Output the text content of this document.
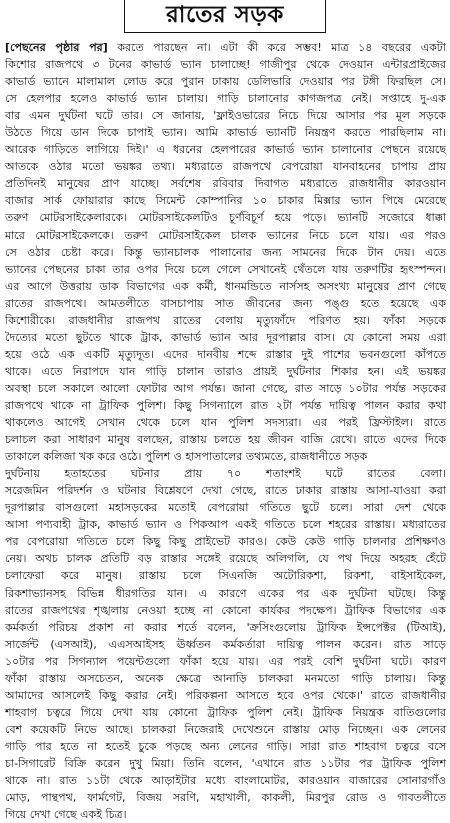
রাতের সড়ক
[পেছনের পৃষ্ঠার পর] করতে পারছেন না। এটা কী করে সম্ভব! মাত্র ১৪ বছরের একটা
কিশোর রাজপথে ৩ টনের কাভার্ড ভ্যান চালাচ্ছে! গাজীপুর থেকে দেওয়ান এন্টারপ্রাইজের
কাভার্ড ভ্যানে মালামাল লোড করে পুরান ঢাকায় ডেলিভারি দেওয়ার পর টঙ্গী ফিরছিল সে।
সে হেলপার হলেও কাভার্ড ভ্যান চালায়। গাড়ি চালানোর কাগজপত্র নেই। সপ্তাহে দু-এক
বার এমন দুর্ঘটনা ঘটে তার। সে জানায়, 'ফ্লাইওভারের নিচে দিয়ে আসার পর মূল সড়কে
উঠতে গিয়ে ডান দিকে চাপাই ভ্যান। আমি কাভার্ড ভ্যানটি নিয়ন্ত্রণ করতে পারছিলাম না।
আরেক গাড়িতে লাগিয়ে দিই।' এ ধরনের হেলপারের কাভার্ড ভ্যান চালানোর পেছনে রয়েছে
আতকে ওঠার মতো ভয়ঙ্কর তথ্য। মধ্যরাতে রাজপথে বেপরোয়া যানবাহনের চাপায় প্রায়
প্রতিদিনই মানুষের প্রাণ যাচ্ছে। সর্বশেষ রবিবার দিবাগত মধ্যরাতে রাজধানীর কারওয়ান
বাজার সার্ক ফোয়ারার কাছে সিমেন্ট কোম্পানির ১০ চাকার মিক্সার ভ্যান পিষে মেরেছে
তরুণ মোটরসাইকেলারকে। মোটরসাইকেলটিও চূর্ণবিচূর্ণ হয়ে পড়ে। ভ্যানটি সজোরে ধাক্কা
মারে মোটরসাইকেলকে। তরুণ মোটরসাইকেল চালক ভ্যানের নিচে চলে যায়। এর পরও
সে ওঠার চেষ্টা করে। কিন্তু ভ্যানচালক পালানোর জন্য সামনের দিকে টান দেয়। এতে
ভ্যানের পেছনের চাকা তার ওপর দিয়ে চলে গেলে সেখানেই থেঁতলে যায় তরুণটির হৃৎস্পন্দন।
এর আগে উত্তরায় ডাক বিভাগের এক কর্মী, ধানমন্ডিতে নার্সসহ অসংখ্য মানুষের প্রাণ গেছে
রাতের রাজপথে। আমতলীতে বাসচাপায় সাত জীবনের জন্য পঙ্গু হতে হয়েছে এক
কিশোরীকে। রাজধানীর রাজপথ রাতের বেলায় মৃত্যুফাঁদে পরিণত হয়। ফাঁকা সড়কে
দৈত্যের মতো ছুটতে থাকে ট্রাক, কাভার্ড ভ্যান আর দূরপাল্লার বাস। যে কোনো সময় এরা
হয়ে ওঠে এক একটি মৃত্যুদূত। এদের দানবীয় শব্দে রাস্তার দুই পাশের ভবনগুলো কাঁপতে
থাকে। এতে নিরাপদে যান গাড়ি চালান তারাও প্রায়ই দুর্ঘটনার শিকার হন। এই ভয়ঙ্কর
অবস্থা চলে সকালে আলো ফোটার আগ পর্যন্ত। জানা গেছে, রাত সাড়ে ১০টার পর্যন্ত সড়কের
রাজপথে থাকে না ট্রাফিক পুলিশ। কিছু সিগন্যালে রাত ২টা পর্যন্ত দায়িত্ব পালন করার কথা
থাকলেও আগেই সেখান থেকে চলে যান পুলিশ সদস্যরা। এর পরই ফ্রিস্টাইল। রাতে
চলাচল করা সাধারণ মানুষ বলছেন, রাস্তায় চলতে হয় জীবন বাজি রেখে। রাতে এদের দিকে
তাকালে কলিজা খক করে ওঠে। পুলিশ ও হাসপাতালের তথ্যমতে, রাজধানীতে সড়ক
দুর্ঘটনায় হতাহতের ঘটনার প্রায় ৭০ শতাংশই ঘটে রাতের বেলা।
সরেজমিন পরিদর্শন ও ঘটনার বিশ্লেষণে দেখা গেছে, রাতে ঢাকার রাস্তায় আসা-যাওয়া করা
দূরপাল্লার বাসগুলো মহাসড়কের মতোই বেপরোয়া গতিতে ছুটে চলে। সারা দেশ থেকে
আসা পণ্যবাহী ট্রাক, কাভার্ড ভ্যান ও পিকআপ একই গতিতে চলে শহরের রাস্তায়। মধ্যরাতের
পর বেপরোয়া গতিতে চলে কিছু কিছু প্রাইভেট কারও। কেউ কেউ গাড়ি চালনার প্রশিক্ষণও
নেয়। অথচ চালক প্রতিটি বড় রাস্তার সঙ্গেই রয়েছে অলিগলি, যে পথ দিয়ে অহরহ হেঁটে
চলাফেরা করে মানুষ। রাস্তায় চলে সিএনজি অটোরিকশা, রিকশা, বাইসাইকেল,
রিকশাভ্যানসহ বিভিন্ন ধীরগতির যান। এ কারণে একের পর এক দুর্ঘটনা ঘটছে। কিন্তু
রাতের রাজপথের শৃঙ্খলায় নেওয়া হচ্ছে না কোনো কার্যকর পদক্ষেপ। ট্রাফিক বিভাগের এক
কর্মকর্তা পরিচয় প্রকাশ না করার শর্তে বলেন, 'ক্রসিংগুলোয় ট্রাফিক ইন্সপেক্টর (টিআই),
সার্জেন্ট (এসআই), এএসআইসহ ঊর্ধ্বতন কর্মকর্তারা দায়িত্ব পালন করেন। রাত সাড়ে
১০টার পর সিগন্যাল পয়েন্টগুলো ফাঁকা হয়ে যায়। এর পরই বেশি দুর্ঘটনা ঘটে। কারণ
ফাঁকা রাস্তায় অসচেতন, অনেক ক্ষেত্রে আনাড়ি চালকরা মনমতো গাড়ি চালায়। কিন্তু
আমাদের আসলেই কিছু করার নেই। পরিকল্পনা আসতে হবে ওপর থেকে।' রাতে রাজধানীর
শাহবাগ চত্বরে গিয়ে দেখা যায় কোনো ট্রাফিক পুলিশ নেই। ট্রাফিক নিয়ন্ত্রক বাতিগুলোর
বেশ কয়েকটি নিভে আছে। চালকরা নিজেরাই দেখেশুনে রাস্তায় মোড় নিচ্ছেন। এক লেনের
গাড়ি পার হতে না হতেই চুকে পড়ছে অন্য লেনের গাড়ি। সারা রাত শাহবাগ চত্বরে বসে
চা-সিগারেট বিক্রি করেন দুখু মিয়া। তিনি বলেন, 'এখানে রাত ১১টার পর ট্রাফিক পুলিশ
থাকে না। রাত ১১টা থেকে আড়াইটার মধ্যে বাংলামোটর, কারওয়ান বাজারের সোনারগাঁও
মোড়, পান্থপথ, ফার্মগেট, বিজয় সরণি, মহাখালী, কাকলী, মিরপুর রোড ও গাবতলীতে
গিয়ে দেখা গেছে একই চিত্র।
